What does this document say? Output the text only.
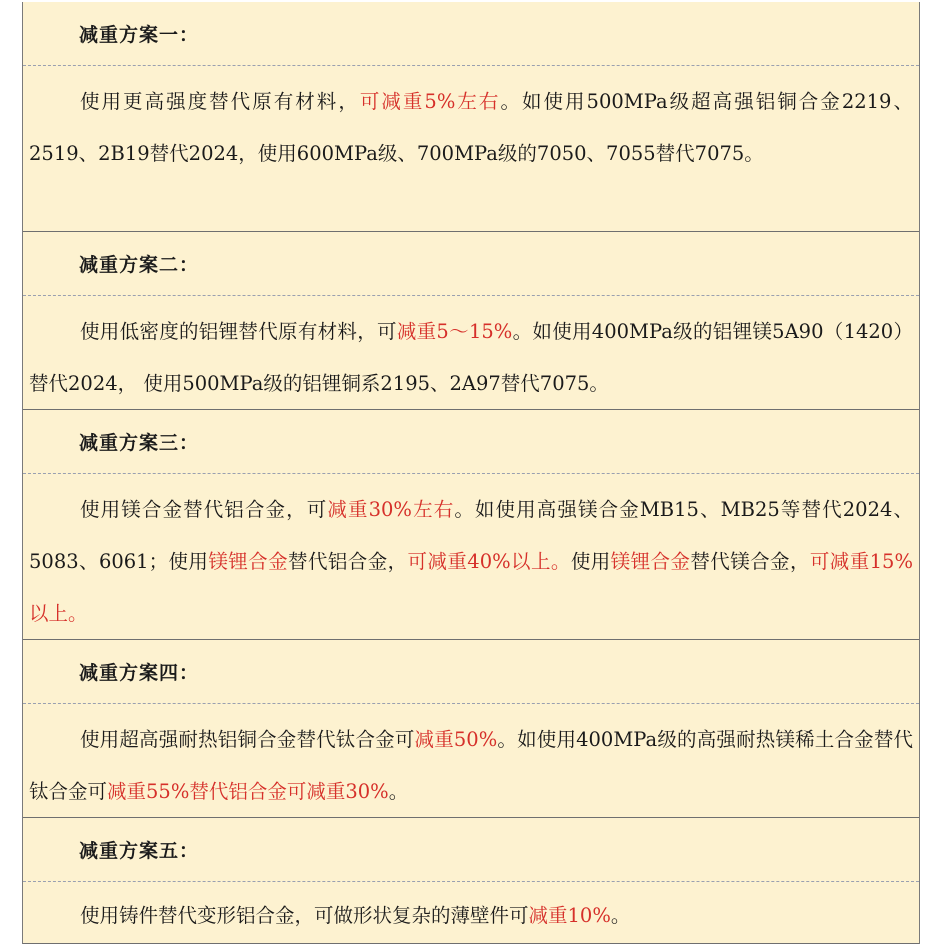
减重方案一：
使用更高强度替代原有材料，可减重5%左右。如使用500MPa级超高强铝铜合金2219、2519、2B19替代2024，使用600MPa级、700MPa级的7050、7055替代7075。
减重方案二：
使用低密度的铝锂替代原有材料，可减重5～15%。如使用400MPa级的铝锂镁5A90（1420）替代2024， 使用500MPa级的铝锂铜系2195、2A97替代7075。
减重方案三：
使用镁合金替代铝合金，可减重30%左右。如使用高强镁合金MB15、MB25等替代2024、5083、6061；使用镁锂合金替代铝合金，可减重40%以上。使用镁锂合金替代镁合金，可减重15%以上。
减重方案四：
使用超高强耐热铝铜合金替代钛合金可减重50%。如使用400MPa级的高强耐热镁稀土合金替代钛合金可减重55%替代铝合金可减重30%。
减重方案五：
使用铸件替代变形铝合金，可做形状复杂的薄壁件可减重10%。
